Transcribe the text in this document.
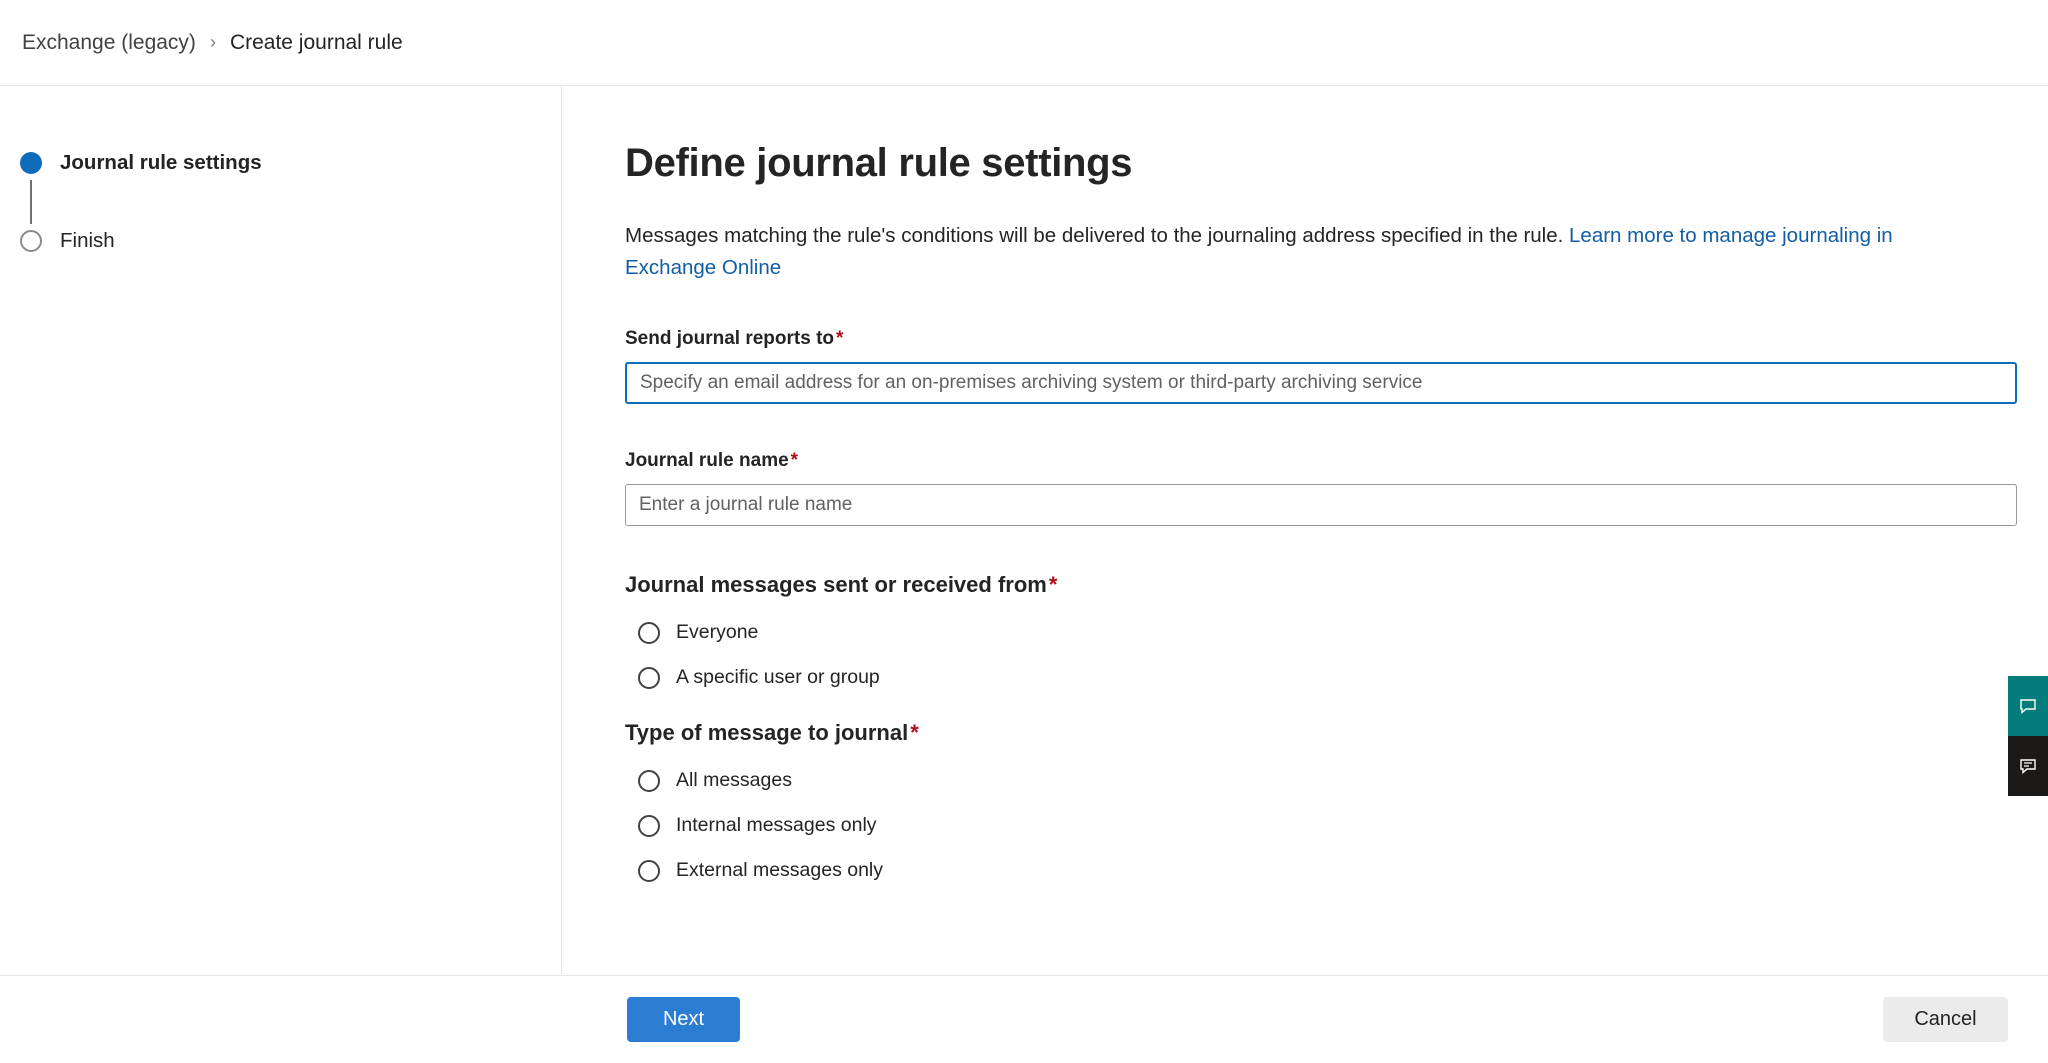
Exchange (legacy) › Create journal rule
Journal rule settings
Finish
Define journal rule settings
Messages matching the rule's conditions will be delivered to the journaling address specified in the rule. Learn more to manage journaling in Exchange Online
Send journal reports to *
Specify an email address for an on-premises archiving system or third-party archiving service
Journal rule name *
Enter a journal rule name
Journal messages sent or received from*
Everyone
A specific user or group
Type of message to journal*
All messages
Internal messages only
External messages only
Next	Cancel
